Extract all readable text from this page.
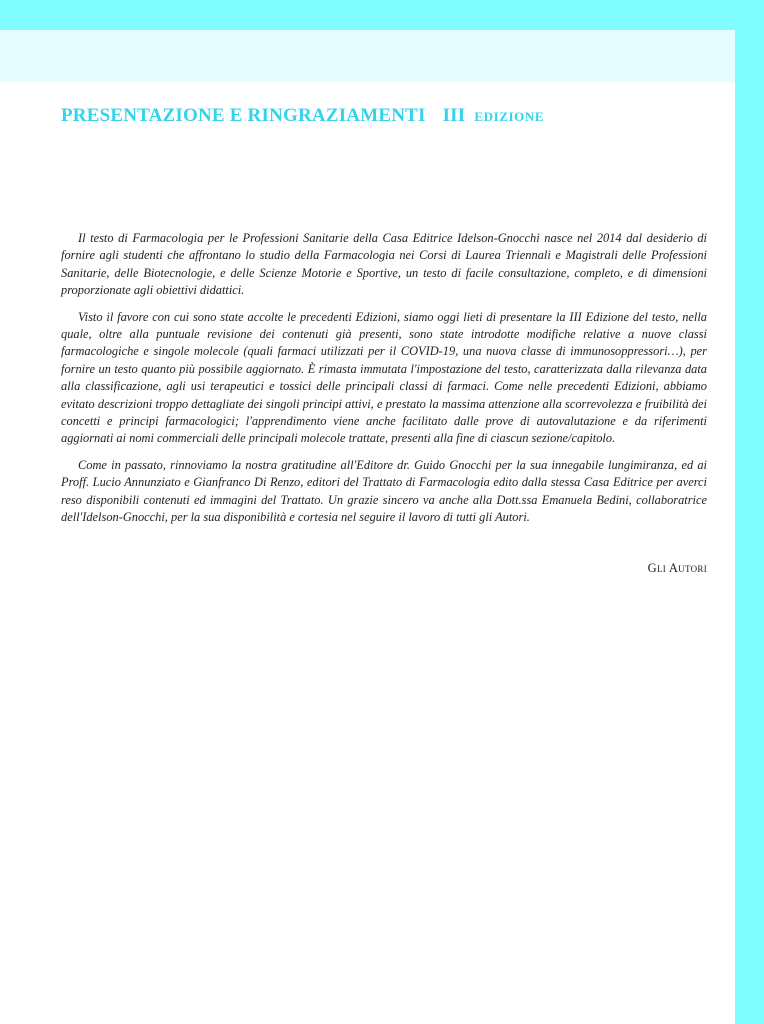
PRESENTAZIONE E RINGRAZIAMENTI III EDIZIONE

Il testo di Farmacologia per le Professioni Sanitarie della Casa Editrice Idelson-Gnocchi nasce nel 2014 dal desiderio di fornire agli studenti che affrontano lo studio della Farmacologia nei Corsi di Laurea Triennali e Magistrali delle Professioni Sanitarie, delle Biotecnologie, e delle Scienze Motorie e Sportive, un testo di facile consultazione, completo, e di dimensioni proporzionate agli obiettivi didattici.

Visto il favore con cui sono state accolte le precedenti Edizioni, siamo oggi lieti di presentare la III Edizione del testo, nella quale, oltre alla puntuale revisione dei contenuti già presenti, sono state introdotte modifiche relative a nuove classi farmacologiche e singole molecole (quali farmaci utilizzati per il COVID-19, una nuova classe di immunosoppressori…), per fornire un testo quanto più possibile aggiornato. È rimasta immutata l'impostazione del testo, caratterizzata dalla rilevanza data alla classificazione, agli usi terapeutici e tossici delle principali classi di farmaci. Come nelle precedenti Edizioni, abbiamo evitato descrizioni troppo dettagliate dei singoli principi attivi, e prestato la massima attenzione alla scorrevolezza e fruibilità dei concetti e principi farmacologici; l'apprendimento viene anche facilitato dalle prove di autovalutazione e da riferimenti aggiornati ai nomi commerciali delle principali molecole trattate, presenti alla fine di ciascun sezione/capitolo.

Come in passato, rinnoviamo la nostra gratitudine all'Editore dr. Guido Gnocchi per la sua innegabile lungimiranza, ed ai Proff. Lucio Annunziato e Gianfranco Di Renzo, editori del Trattato di Farmacologia edito dalla stessa Casa Editrice per averci reso disponibili contenuti ed immagini del Trattato. Un grazie sincero va anche alla Dott.ssa Emanuela Bedini, collaboratrice dell'Idelson-Gnocchi, per la sua disponibilità e cortesia nel seguire il lavoro di tutti gli Autori.

Gli Autori
